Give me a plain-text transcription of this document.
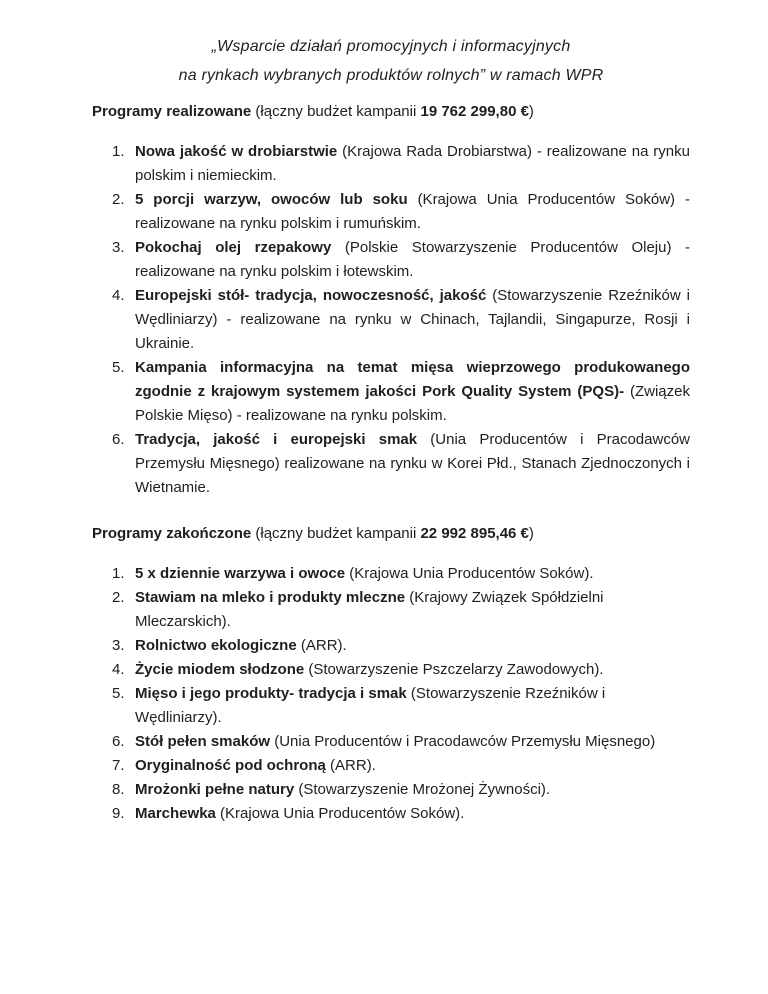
„Wsparcie działań promocyjnych i informacyjnych
na rynkach wybranych produktów rolnych” w ramach WPR

Programy realizowane (łączny budżet kampanii 19 762 299,80 €)

1. Nowa jakość w drobiarstwie (Krajowa Rada Drobiarstwa) - realizowane na rynku polskim i niemieckim.
2. 5 porcji warzyw, owoców lub soku (Krajowa Unia Producentów Soków) - realizowane na rynku polskim i rumuńskim.
3. Pokochaj olej rzepakowy (Polskie Stowarzyszenie Producentów Oleju) - realizowane na rynku polskim i łotewskim.
4. Europejski stół- tradycja, nowoczesność, jakość (Stowarzyszenie Rzeźników i Wędliniarzy) - realizowane na rynku w Chinach, Tajlandii, Singapurze, Rosji i Ukrainie.
5. Kampania informacyjna na temat mięsa wieprzowego produkowanego zgodnie z krajowym systemem jakości Pork Quality System (PQS)- (Związek Polskie Mięso) - realizowane na rynku polskim.
6. Tradycja, jakość i europejski smak (Unia Producentów i Pracodawców Przemysłu Mięsnego) realizowane na rynku w Korei Płd., Stanach Zjednoczonych i Wietnamie.

Programy zakończone (łączny budżet kampanii 22 992 895,46 €)

1. 5 x dziennie warzywa i owoce (Krajowa Unia Producentów Soków).
2. Stawiam na mleko i produkty mleczne (Krajowy Związek Spółdzielni Mleczarskich).
3. Rolnictwo ekologiczne (ARR).
4. Życie miodem słodzone (Stowarzyszenie Pszczelarzy Zawodowych).
5. Mięso i jego produkty- tradycja i smak (Stowarzyszenie Rzeźników i Wędliniarzy).
6. Stół pełen smaków (Unia Producentów i Pracodawców Przemysłu Mięsnego)
7. Oryginalność pod ochroną (ARR).
8. Mrożonki pełne natury (Stowarzyszenie Mrożonej Żywności).
9. Marchewka (Krajowa Unia Producentów Soków).
